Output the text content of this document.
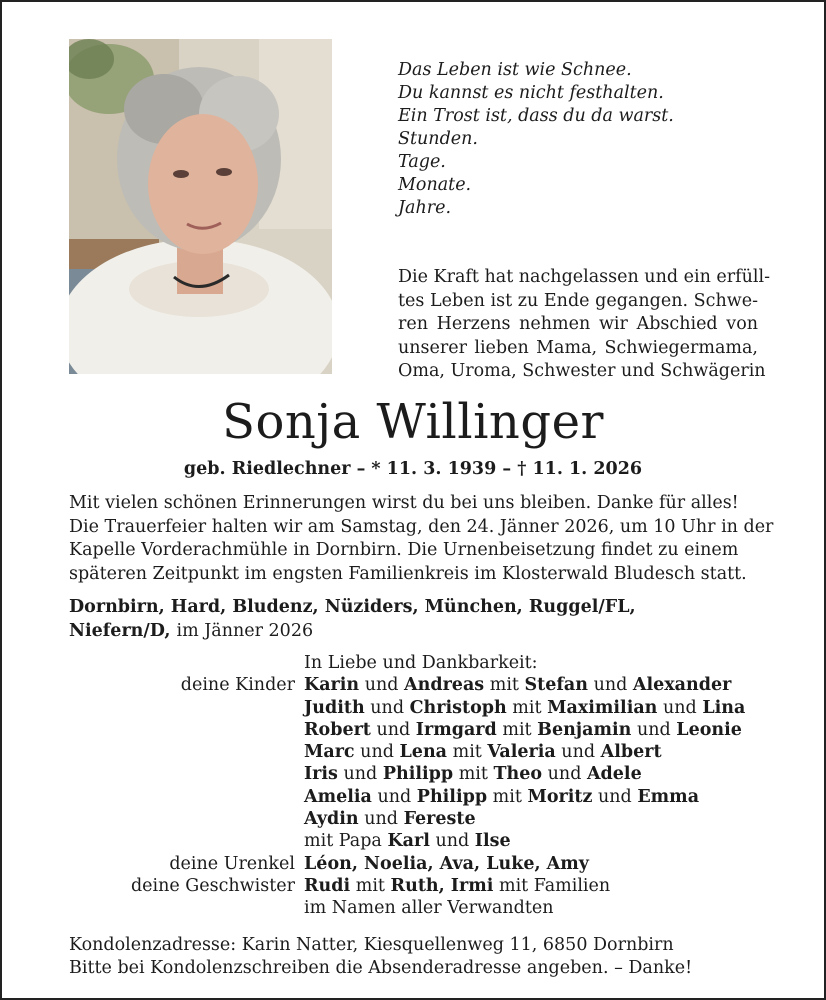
Das Leben ist wie Schnee.
Du kannst es nicht festhalten.
Ein Trost ist, dass du da warst.
Stunden.
Tage.
Monate.
Jahre.
Die Kraft hat nachgelassen und ein erfüll-
tes Leben ist zu Ende gegangen. Schwe-
ren Herzens nehmen wir Abschied von
unserer lieben Mama, Schwiegermama,
Oma, Uroma, Schwester und Schwägerin
Sonja Willinger
geb. Riedlechner – * 11. 3. 1939 – † 11. 1. 2026
Mit vielen schönen Erinnerungen wirst du bei uns bleiben. Danke für alles!
Die Trauerfeier halten wir am Samstag, den 24. Jänner 2026, um 10 Uhr in der
Kapelle Vorderachmühle in Dornbirn. Die Urnenbeisetzung findet zu einem
späteren Zeitpunkt im engsten Familienkreis im Klosterwald Bludesch statt.
Dornbirn, Hard, Bludenz, Nüziders, München, Ruggel/FL,
Niefern/D, im Jänner 2026
In Liebe und Dankbarkeit:
deine Kinder Karin und Andreas mit Stefan und Alexander
Judith und Christoph mit Maximilian und Lina
Robert und Irmgard mit Benjamin und Leonie
Marc und Lena mit Valeria und Albert
Iris und Philipp mit Theo und Adele
Amelia und Philipp mit Moritz und Emma
Aydin und Fereste
mit Papa Karl und Ilse
deine Urenkel Léon, Noelia, Ava, Luke, Amy
deine Geschwister Rudi mit Ruth, Irmi mit Familien
im Namen aller Verwandten
Kondolenzadresse: Karin Natter, Kiesquellenweg 11, 6850 Dornbirn
Bitte bei Kondolenzschreiben die Absenderadresse angeben. – Danke!
